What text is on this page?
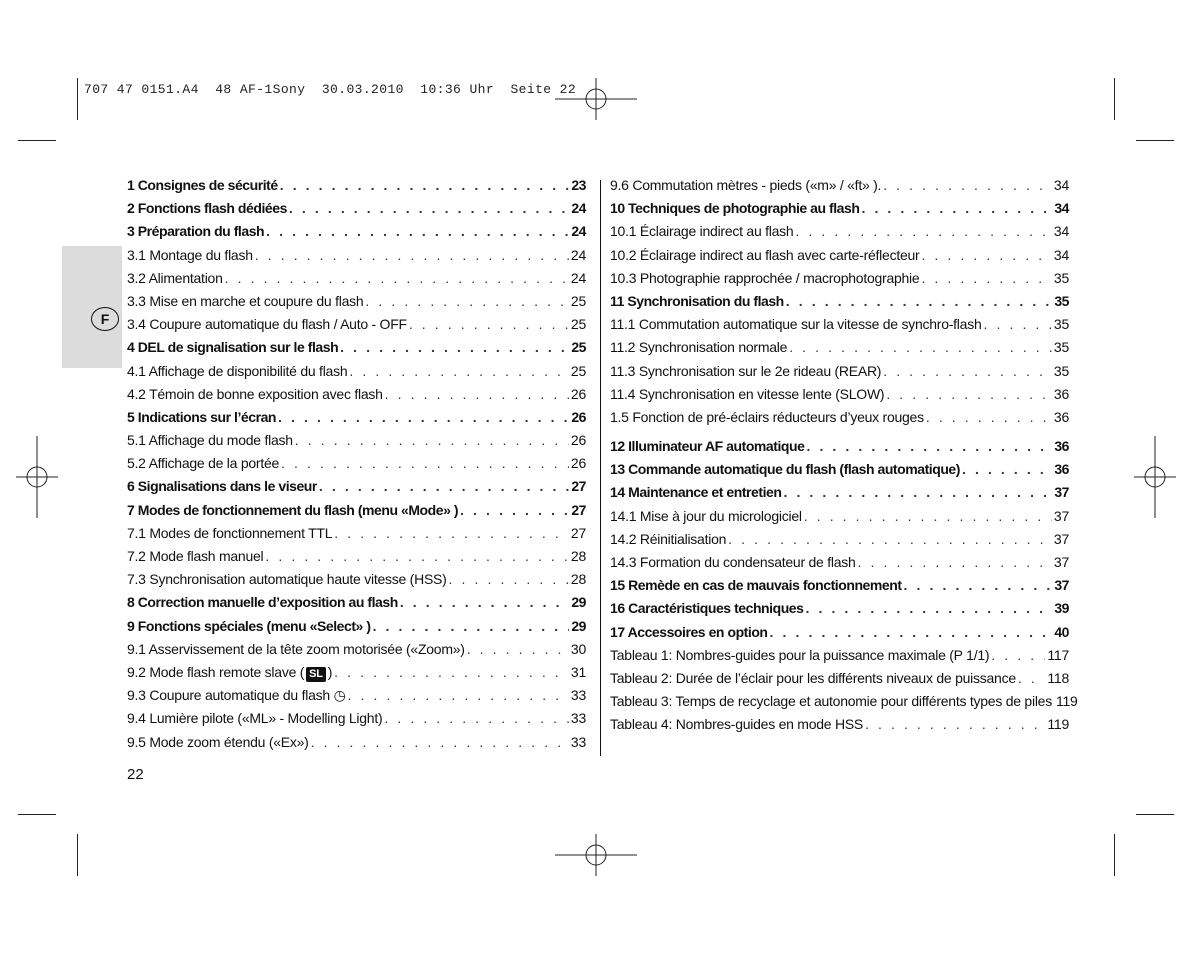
707 47 0151.A4  48 AF-1Sony  30.03.2010  10:36 Uhr  Seite 22
F
1 Consignes de sécurité . . .	23
2 Fonctions flash dédiées . . .	24
3 Préparation du flash . . .	24
3.1 Montage du flash . . .	24
3.2 Alimentation . . .	24
3.3 Mise en marche et coupure du flash . . .	25
3.4 Coupure automatique du flash / Auto - OFF . . .	25
4 DEL de signalisation sur le flash . . .	25
4.1 Affichage de disponibilité du flash . . .	25
4.2 Témoin de bonne exposition avec flash . . .	26
5 Indications sur l’écran . . .	26
5.1 Affichage du mode flash . . .	26
5.2 Affichage de la portée . . .	26
6 Signalisations dans le viseur . . .	27
7 Modes de fonctionnement du flash (menu «Mode» ) . . .	27
7.1 Modes de fonctionnement TTL . . .	27
7.2 Mode flash manuel . . .	28
7.3 Synchronisation automatique haute vitesse (HSS) . . .	28
8 Correction manuelle d’exposition au flash . . .	29
9 Fonctions spéciales (menu «Select» ) . . .	29
9.1 Asservissement de la tête zoom motorisée («Zoom») . . .	30
9.2 Mode flash remote slave ( SL ) . . .	31
9.3 Coupure automatique du flash ◷ . . .	33
9.4 Lumière pilote («ML» - Modelling Light) . . .	33
9.5 Mode zoom étendu («Ex») . . .	33
9.6 Commutation mètres - pieds («m» / «ft» ). . . .	34
10 Techniques de photographie au flash . . .	34
10.1 Éclairage indirect au flash . . .	34
10.2 Éclairage indirect au flash avec carte-réflecteur . . .	34
10.3 Photographie rapprochée / macrophotographie . . .	35
11 Synchronisation du flash . . .	35
11.1 Commutation automatique sur la vitesse de synchro-flash . . .	35
11.2 Synchronisation normale . . .	35
11.3 Synchronisation sur le 2e rideau (REAR) . . .	35
11.4 Synchronisation en vitesse lente (SLOW) . . .	36
1.5 Fonction de pré-éclairs réducteurs d’yeux rouges . . .	36
12 Illuminateur AF automatique . . .	36
13 Commande automatique du flash (flash automatique) . . .	36
14 Maintenance et entretien . . .	37
14.1 Mise à jour du micrologiciel . . .	37
14.2 Réinitialisation . . .	37
14.3 Formation du condensateur de flash . . .	37
15 Remède en cas de mauvais fonctionnement . . .	37
16 Caractéristiques techniques . . .	39
17 Accessoires en option . . .	40
Tableau 1: Nombres-guides pour la puissance maximale (P 1/1) . . .	117
Tableau 2: Durée de l’éclair pour les différents niveaux de puissance . . . 118
Tableau 3: Temps de recyclage et autonomie pour différents types de piles 119
Tableau 4: Nombres-guides en mode HSS . . .	119
22
